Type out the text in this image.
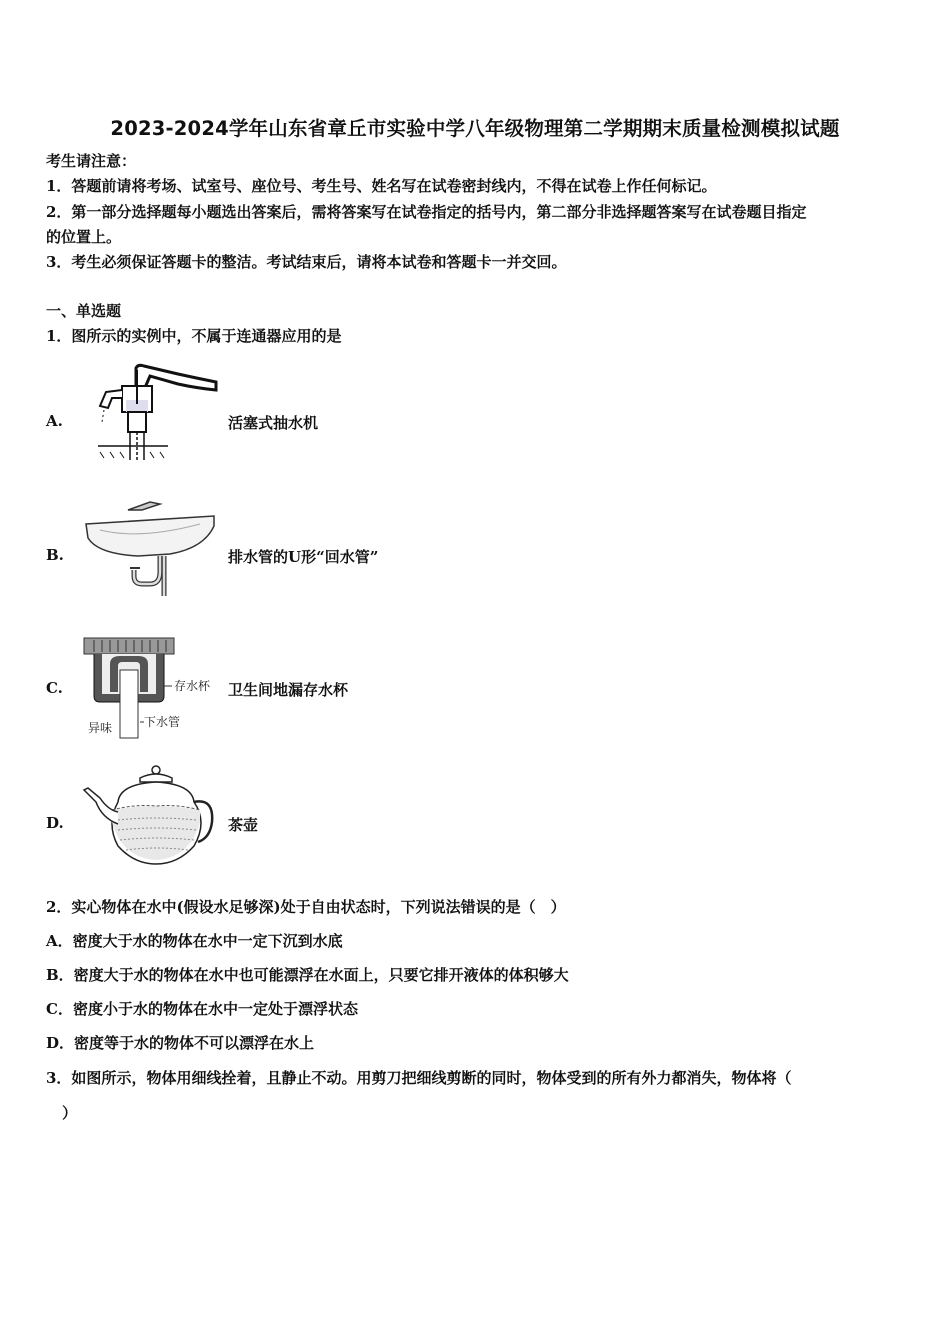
2023-2024学年山东省章丘市实验中学八年级物理第二学期期末质量检测模拟试题
考生请注意：
1．答题前请将考场、试室号、座位号、考生号、姓名写在试卷密封线内，不得在试卷上作任何标记。
2．第一部分选择题每小题选出答案后，需将答案写在试卷指定的括号内，第二部分非选择题答案写在试卷题目指定
的位置上。
3．考生必须保证答题卡的整洁。考试结束后，请将本试卷和答题卡一并交回。
一、单选题
1．图所示的实例中，不属于连通器应用的是
A.	活塞式抽水机
B.	排水管的U形“回水管”
C.	存水杯
异味	下水管
卫生间地漏存水杯
D.	茶壶
2．实心物体在水中(假设水足够深)处于自由状态时，下列说法错误的是（　）
A．密度大于水的物体在水中一定下沉到水底
B．密度大于水的物体在水中也可能漂浮在水面上，只要它排开液体的体积够大
C．密度小于水的物体在水中一定处于漂浮状态
D．密度等于水的物体不可以漂浮在水上
3．如图所示，物体用细线拴着，且静止不动。用剪刀把细线剪断的同时，物体受到的所有外力都消失，物体将（
）
